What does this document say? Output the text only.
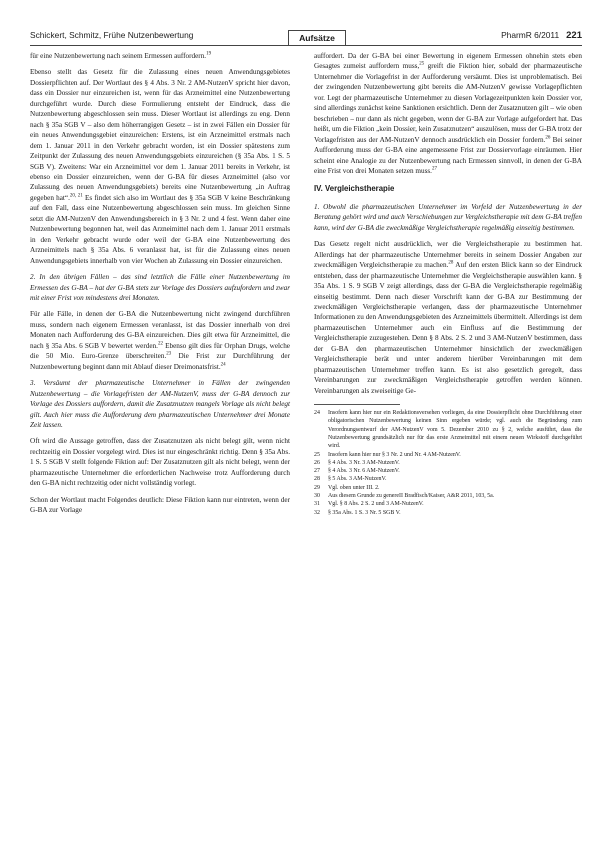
Schickert, Schmitz, Frühe Nutzenbewertung	Aufsätze	PharmR 6/2011 221

für eine Nutzenbewertung nach seinem Ermessen auffordern.$^{19}$

Ebenso stellt das Gesetz für die Zulassung eines neuen Anwendungsgebietes Dossierpflichten auf. Der Wortlaut des § 4 Abs. 3 Nr. 2 AM-NutzenV spricht hier davon, dass ein Dossier nur einzureichen ist, wenn für das Arzneimittel eine Nutzenbewertung durchgeführt wurde. Durch diese Formulierung entsteht der Eindruck, dass die Nutzenbewertung abgeschlossen sein muss. Dieser Wortlaut ist allerdings zu eng. Denn nach § 35a SGB V – also dem höherrangigen Gesetz – ist in zwei Fällen ein Dossier für ein neues Anwendungsgebiet einzureichen: Erstens, ist ein Arzneimittel erstmals nach dem 1. Januar 2011 in den Verkehr gebracht worden, ist ein Dossier spätestens zum Zeitpunkt der Zulassung des neuen Anwendungsgebiets einzureichen (§ 35a Abs. 1 S. 5 SGB V). Zweitens: War ein Arzneimittel vor dem 1. Januar 2011 bereits in Verkehr, ist ebenso ein Dossier einzureichen, wenn der G-BA für dieses Arzneimittel (also vor Zulassung des neuen Anwendungsgebiets) bereits eine Nutzenbewertung „in Auftrag gegeben hat“.$^{20, 21}$ Es findet sich also im Wortlaut des § 35a SGB V keine Beschränkung auf den Fall, dass eine Nutzenbewertung abgeschlossen sein muss. Im gleichen Sinne setzt die AM-NutzenV den Anwendungsbereich in § 3 Nr. 2 und 4 fest. Wenn daher eine Nutzenbewertung begonnen hat, weil das Arzneimittel nach dem 1. Januar 2011 erstmals in den Verkehr gebracht wurde oder weil der G-BA eine Nutzenbewertung des Arzneimittels nach § 35a Abs. 6 veranlasst hat, ist für die Zulassung eines neuen Anwendungsgebiets innerhalb von vier Wochen ab Zulassung ein Dossier einzureichen.

2. In den übrigen Fällen – das sind letztlich die Fälle einer Nutzenbewertung im Ermessen des G-BA – hat der G-BA stets zur Vorlage des Dossiers aufzufordern und zwar mit einer Frist von mindestens drei Monaten.

Für alle Fälle, in denen der G-BA die Nutzenbewertung nicht zwingend durchführen muss, sondern nach eigenem Ermessen veranlasst, ist das Dossier innerhalb von drei Monaten nach Aufforderung des G-BA einzureichen. Dies gilt etwa für Arzneimittel, die nach § 35a Abs. 6 SGB V bewertet werden.$^{22}$ Ebenso gilt dies für Orphan Drugs, welche die 50 Mio. Euro-Grenze überschreiten.$^{23}$ Die Frist zur Durchführung der Nutzenbewertung beginnt dann mit Ablauf dieser Dreimonatsfrist.$^{24}$

3. Versäumt der pharmazeutische Unternehmer in Fällen der zwingenden Nutzenbewertung – die Vorlagefristen der AM-NutzenV, muss der G-BA dennoch zur Vorlage des Dossiers auffordern, damit die Zusatznutzen mangels Vorlage als nicht belegt gilt. Auch hier muss die Aufforderung dem pharmazeutischen Unternehmer drei Monate Zeit lassen.

Oft wird die Aussage getroffen, dass der Zusatznutzen als nicht belegt gilt, wenn nicht rechtzeitig ein Dossier vorgelegt wird. Dies ist nur eingeschränkt richtig. Denn § 35a Abs. 1 S. 5 SGB V stellt folgende Fiktion auf: Der Zusatznutzen gilt als nicht belegt, wenn der pharmazeutische Unternehmer die erforderlichen Nachweise trotz Aufforderung durch den G-BA nicht rechtzeitig oder nicht vollständig vorlegt.

Schon der Wortlaut macht Folgendes deutlich: Diese Fiktion kann nur eintreten, wenn der G-BA zur Vorlage

auffordert. Da der G-BA bei einer Bewertung in eigenem Ermessen ohnehin stets eben Gesagtes zumeist auffordern muss,$^{25}$ greift die Fiktion hier, sobald der pharmazeutische Unternehmer die Vorlagefrist in der Aufforderung versäumt. Dies ist unproblematisch. Bei der zwingenden Nutzenbewertung gibt bereits die AM-NutzenV gewisse Vorlagepflichten vor. Legt der pharmazeutische Unternehmer zu diesen Vorlagezeitpunkten kein Dossier vor, sind allerdings zunächst keine Sanktionen ersichtlich. Denn der Zusatznutzen gilt – wie oben beschrieben – nur dann als nicht gegeben, wenn der G-BA zur Vorlage aufgefordert hat. Das heißt, um die Fiktion „kein Dossier, kein Zusatznutzen“ auszulösen, muss der G-BA trotz der Vorlagefristen aus der AM-NutzenV dennoch ausdrücklich ein Dossier fordern.$^{26}$ Bei seiner Aufforderung muss der G-BA eine angemessene Frist zur Dossiervorlage einräumen. Hier scheint eine Analogie zu der Nutzenbewertung nach Ermessen sinnvoll, in denen der G-BA eine Frist von drei Monaten setzen muss.$^{27}$

IV. Vergleichstherapie

1. Obwohl die pharmazeutischen Unternehmer im Vorfeld der Nutzenbewertung in der Beratung gehört wird und auch Verschiebungen zur Vergleichstherapie mit dem G-BA treffen kann, wird der G-BA die zweckmäßige Vergleichstherapie regelmäßig einseitig bestimmen.

Das Gesetz regelt nicht ausdrücklich, wer die Vergleichstherapie zu bestimmen hat. Allerdings hat der pharmazeutische Unternehmer bereits in seinem Dossier Angaben zur zweckmäßigen Vergleichstherapie zu machen.$^{28}$ Auf den ersten Blick kann so der Eindruck entstehen, dass der pharmazeutische Unternehmer die Vergleichstherapie auswählen kann. § 35a Abs. 1 S. 9 SGB V zeigt allerdings, dass der G-BA die Vergleichstherapie regelmäßig einseitig bestimmt. Denn nach dieser Vorschrift kann der G-BA zur Bestimmung der zweckmäßigen Vergleichstherapie verlangen, dass der pharmazeutische Unternehmer Informationen zu den Anwendungsgebieten des Arzneimittels übermittelt. Allerdings ist dem pharmazeutischen Unternehmer auch ein Einfluss auf die Bestimmung der Vergleichstherapie zuzugestehen. Denn § 8 Abs. 2 S. 2 und 3 AM-NutzenV bestimmen, dass der G-BA den pharmazeutischen Unternehmer hinsichtlich der zweckmäßigen Vergleichstherapie berät und unter anderem hierüber Vereinbarungen mit dem pharmazeutischen Unternehmer treffen kann. Es ist also gesetzlich geregelt, dass Vereinbarungen zur zweckmäßigen Vergleichstherapie getroffen werden können. Vereinbarungen als zweiseitige Ge-

24	Insofern kann hier nur ein Redaktionsversehen vorliegen, da eine Dossierpflicht ohne Durchführung einer obligatorischen Nutzenbewertung keinen Sinn ergeben würde; vgl. auch die Begründung zum Verordnungsentwurf der AM-NutzenV vom 5. Dezember 2010 zu § 2, welche ausführt, dass die Nutzenbewertung grundsätzlich nur für das erste Arzneimittel mit einem neuen Wirkstoff durchgeführt wird.
25	Insofern kann hier nur § 3 Nr. 2 und Nr. 4 AM-NutzenV.
26	§ 4 Abs. 3 Nr. 3 AM-NutzenV.
27	§ 4 Abs. 3 Nr. 6 AM-NutzenV.
28	§ 5 Abs. 3 AM-NutzenV.
29	Vgl. oben unter III. 2.
30	Aus diesem Grunde zu genereII Bradfisch/Kaiser, A&R 2011, 103, 5a.
31	Vgl. § 8 Abs. 2 S. 2 und 3 AM-NutzenV.
32	§ 35a Abs. 1 S. 3 Nr. 5 SGB V.
